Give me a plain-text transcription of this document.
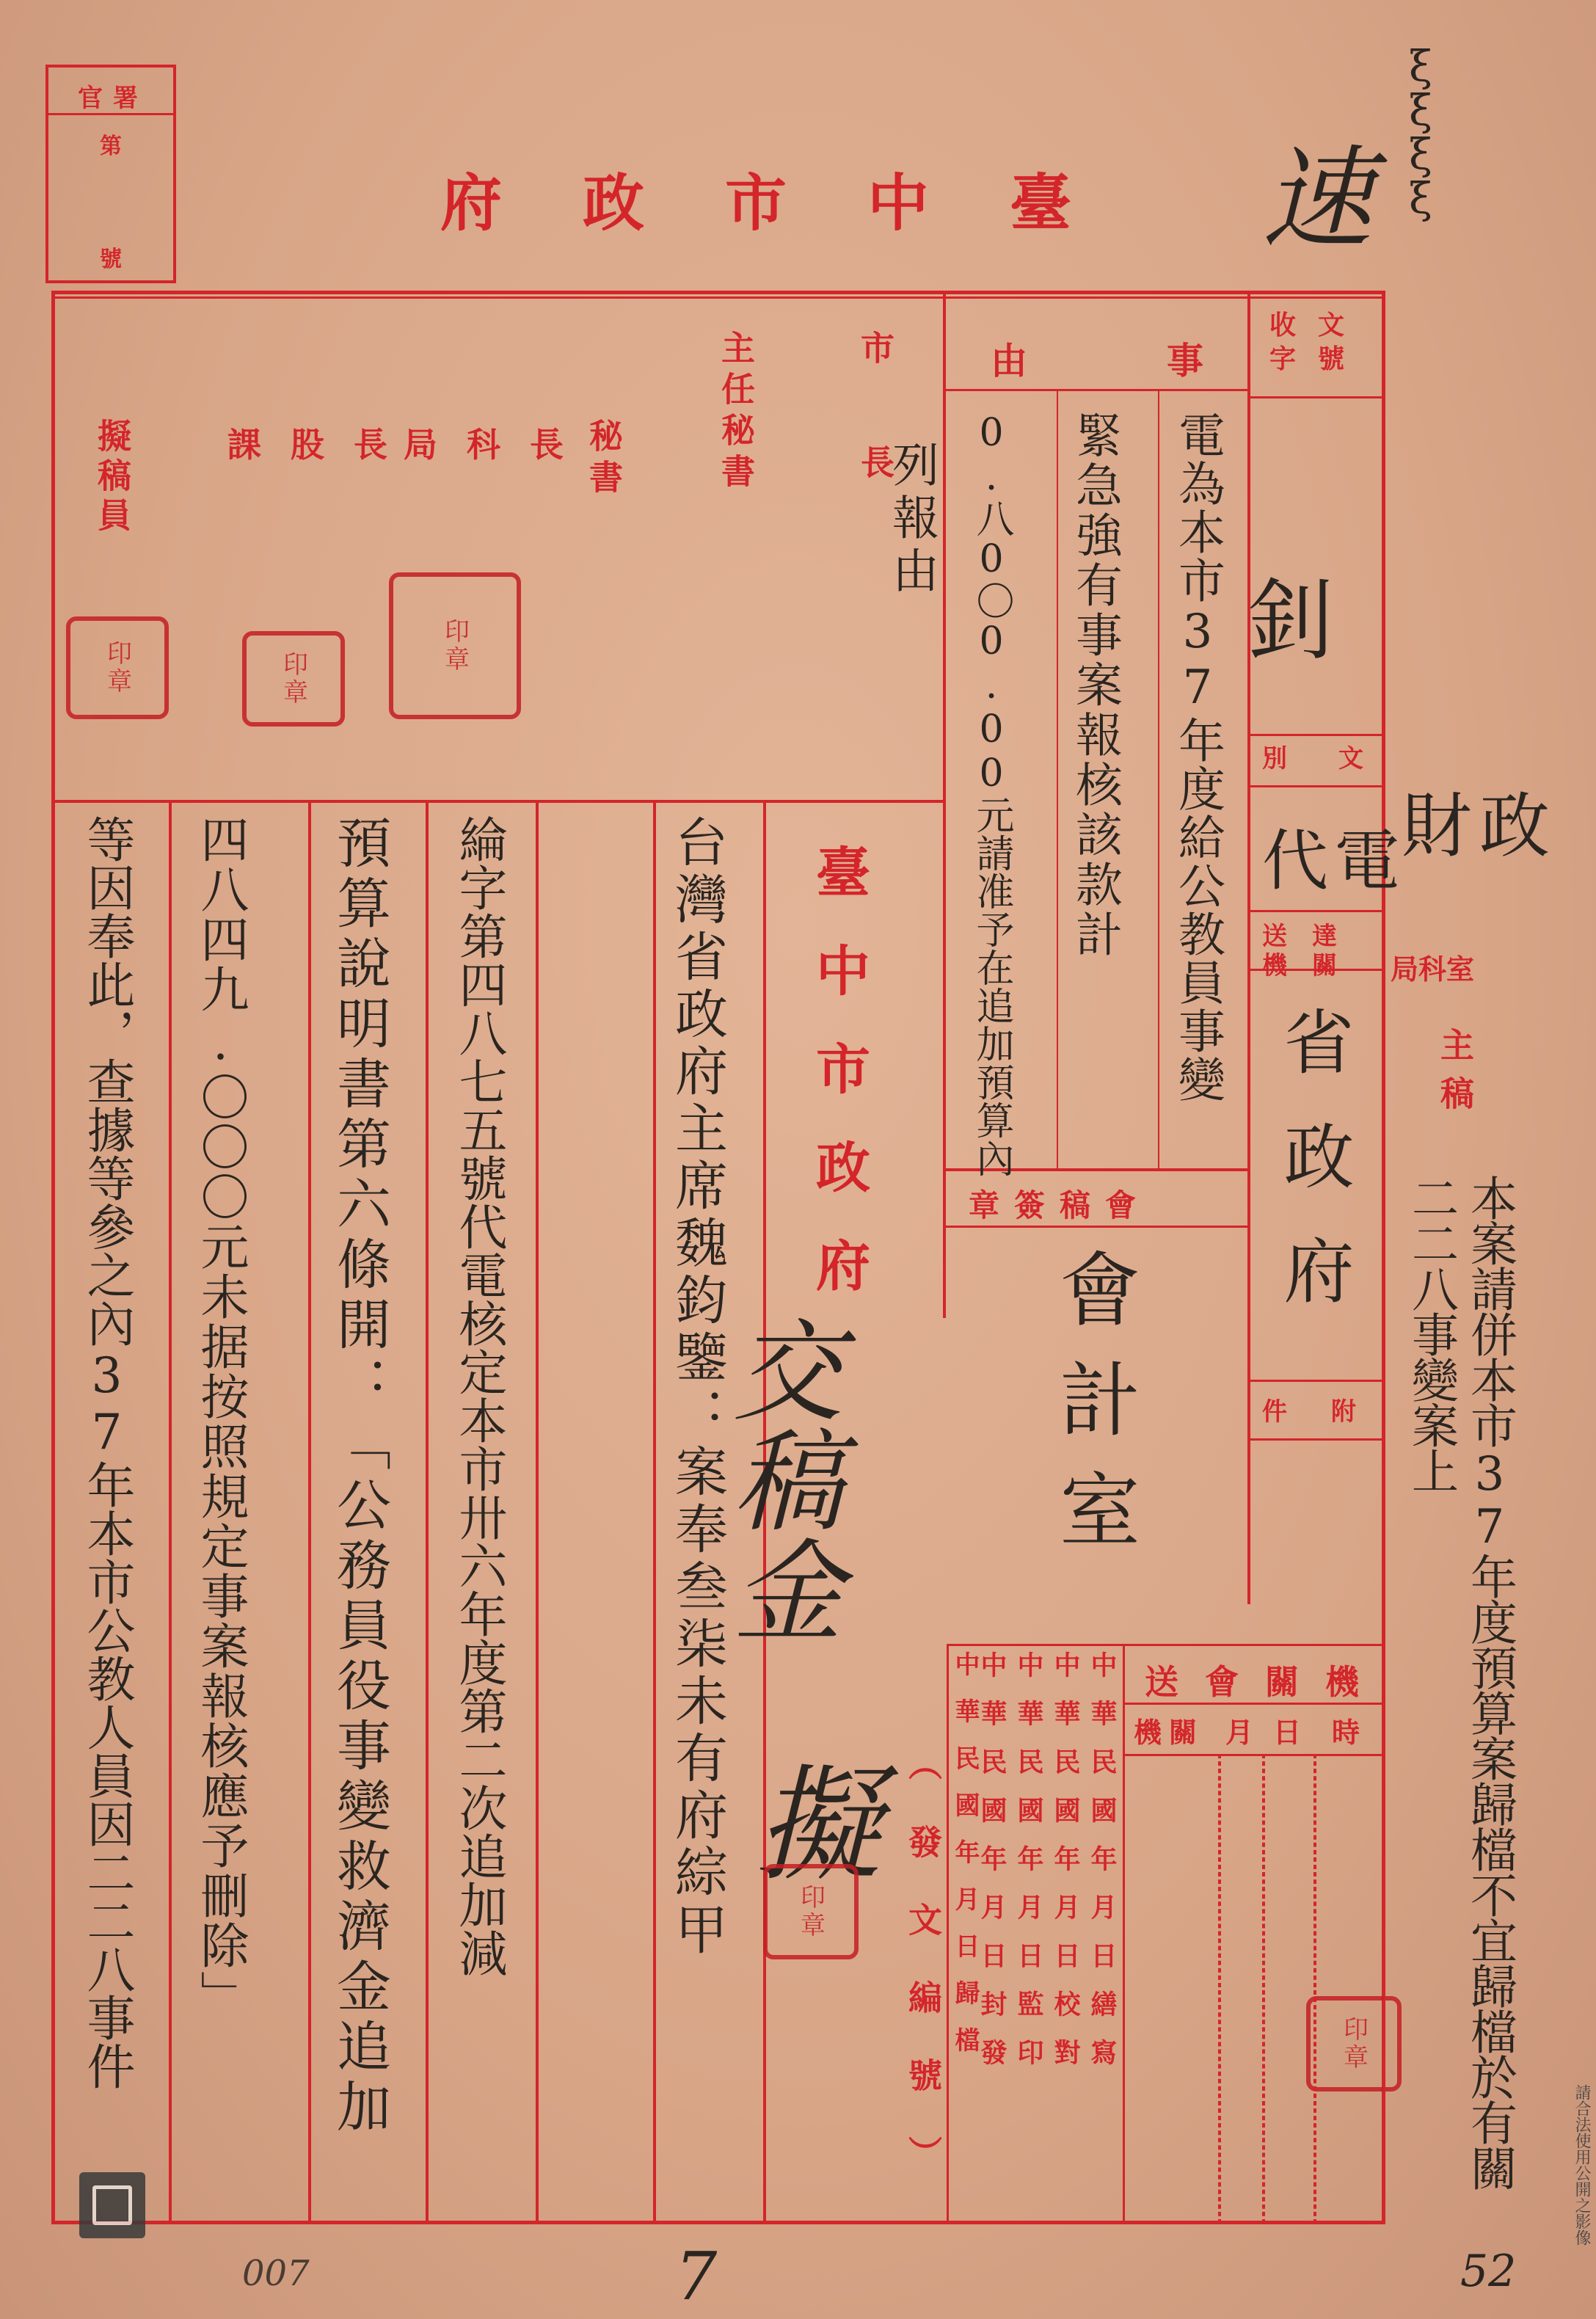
官署
第
號
臺中市政府 速
ξ
ξ
ξ
ξ
市長
主任秘書
秘書
局科長
課股長
擬稿員
印章	印章
印章
事
由
電為本市37年度給公教員事變
緊急強有事案報核該款計
0.八0〇0.00元請准予在追加預算內
列報由
會稿簽章
會計室
收文字號
釗
文別
代電
送達機關
省政府
附件
財政
局科室
主稿
本案請併本市37年度預算案歸檔不宜歸檔於有關二二八事變案上
印章
臺中市政府
台灣省政府主席魏鈞鑒：案奉叁柒未有府綜甲
綸字第四八七五號代電核定本市卅六年度第二次追加減
預算說明書第六條開：「公務員役事變救濟金追加
四八四九.〇〇〇元未据按照規定事案報核應予刪除」
等因奉此，查據等參之內37年本市公教人員因二二八事件	交稿金
擬
印章
機關會送
時
日
月
機關
中華民國年月日繕寫
中華民國年月日校對
中華民國年月日監印
中華民國年月日封發
中華民國年月日歸檔
（發文編號）
7
007	52
請合法使用公開之影像
